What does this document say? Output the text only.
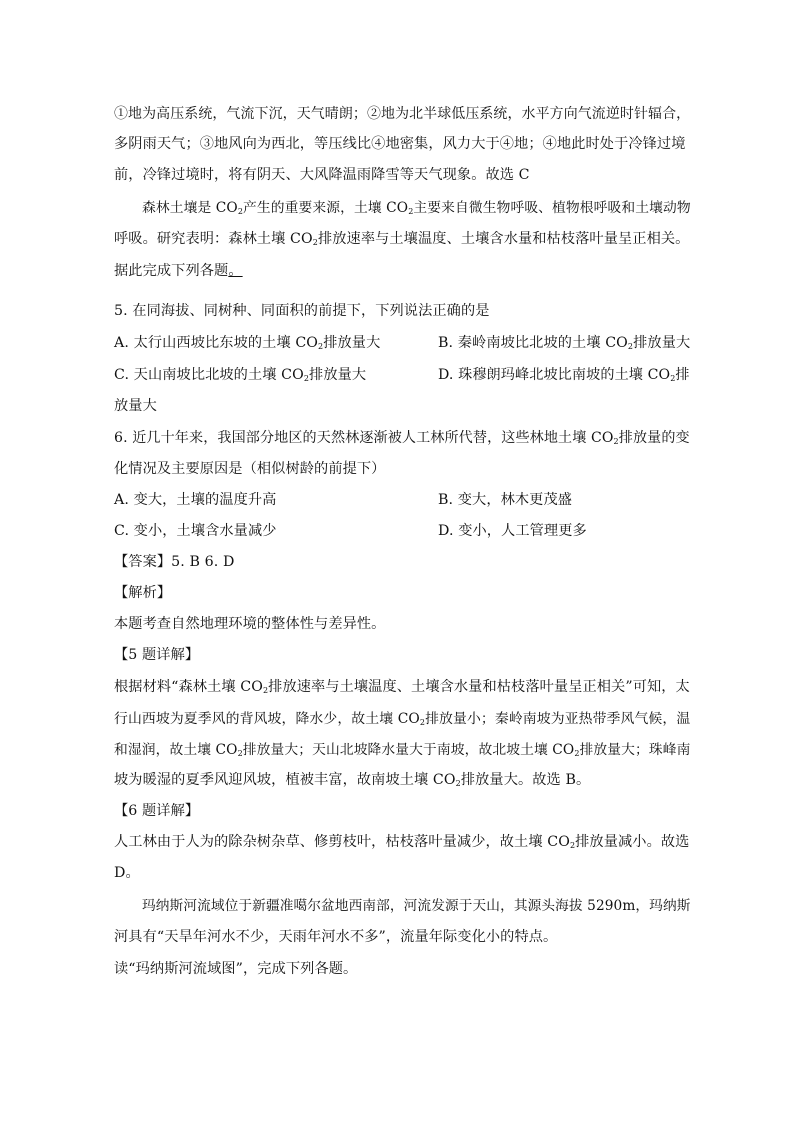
①地为高压系统，气流下沉，天气晴朗；②地为北半球低压系统，水平方向气流逆时针辐合，
多阴雨天气；③地风向为西北，等压线比④地密集，风力大于④地；④地此时处于冷锋过境
前，冷锋过境时，将有阴天、大风降温雨降雪等天气现象。故选 C
森林土壤是 $CO_2$产生的重要来源，土壤 $CO_2$主要来自微生物呼吸、植物根呼吸和土壤动物
呼吸。研究表明：森林土壤 $CO_2$排放速率与土壤温度、土壤含水量和枯枝落叶量呈正相关。
据此完成下列各题。
5. 在同海拔、同树种、同面积的前提下，下列说法正确的是
A. 太行山西坡比东坡的土壤 $CO_2$排放量大	B. 秦岭南坡比北坡的土壤 $CO_2$排放量大
C. 天山南坡比北坡的土壤 $CO_2$排放量大	D. 珠穆朗玛峰北坡比南坡的土壤 $CO_2$排
放量大
6. 近几十年来，我国部分地区的天然林逐渐被人工林所代替，这些林地土壤 $CO_2$排放量的变
化情况及主要原因是（相似树龄的前提下）
A. 变大，土壤的温度升高	B. 变大，林木更茂盛
C. 变小，土壤含水量减少	D. 变小，人工管理更多
【答案】5. B 6. D
【解析】
本题考查自然地理环境的整体性与差异性。
【5 题详解】
根据材料“森林土壤 $CO_2$排放速率与土壤温度、土壤含水量和枯枝落叶量呈正相关”可知，太
行山西坡为夏季风的背风坡，降水少，故土壤 $CO_2$排放量小；秦岭南坡为亚热带季风气候，温
和湿润，故土壤 $CO_2$排放量大；天山北坡降水量大于南坡，故北坡土壤 $CO_2$排放量大；珠峰南
坡为暖湿的夏季风迎风坡，植被丰富，故南坡土壤 $CO_2$排放量大。故选 B。
【6 题详解】
人工林由于人为的除杂树杂草、修剪枝叶，枯枝落叶量减少，故土壤 $CO_2$排放量减小。故选
D。
玛纳斯河流域位于新疆准噶尔盆地西南部，河流发源于天山，其源头海拔 5290m，玛纳斯
河具有“天旱年河水不少，天雨年河水不多”，流量年际变化小的特点。
读“玛纳斯河流域图”，完成下列各题。
